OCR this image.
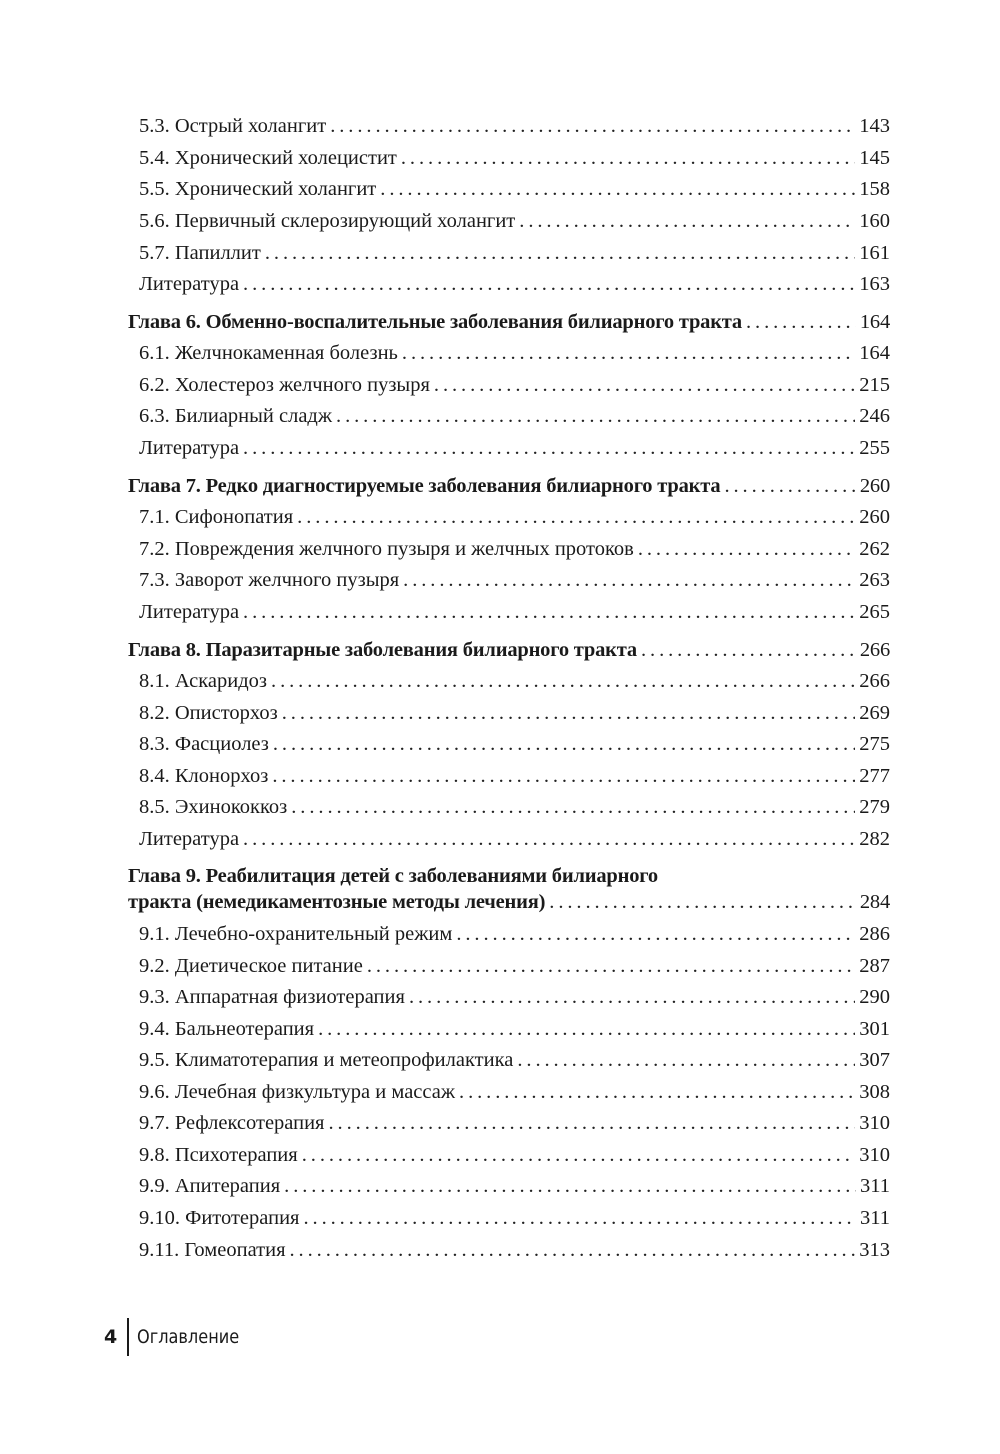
5.3. Острый холангит . . .	143
5.4. Хронический холецистит . . .	145
5.5. Хронический холангит . . .	158
5.6. Первичный склерозирующий холангит . . .	160
5.7. Папиллит . . .	161
Литература . . .	163
Глава 6. Обменно-воспалительные заболевания билиарного тракта . . .	164
6.1. Желчнокаменная болезнь . . .	164
6.2. Холестероз желчного пузыря . . .	215
6.3. Билиарный сладж . . .	246
Литература . . .	255
Глава 7. Редко диагностируемые заболевания билиарного тракта . . .	260
7.1. Сифонопатия . . .	260
7.2. Повреждения желчного пузыря и желчных протоков . . .	262
7.3. Заворот желчного пузыря . . .	263
Литература . . .	265
Глава 8. Паразитарные заболевания билиарного тракта . . .	266
8.1. Аскаридоз . . .	266
8.2. Описторхоз . . .	269
8.3. Фасциолез . . .	275
8.4. Клонорхоз . . .	277
8.5. Эхинококкоз . . .	279
Литература . . .	282
Глава 9. Реабилитация детей с заболеваниями билиарного
тракта (немедикаментозные методы лечения) . . .	284
9.1. Лечебно-охранительный режим . . .	286
9.2. Диетическое питание . . .	287
9.3. Аппаратная физиотерапия . . .	290
9.4. Бальнеотерапия . . .	301
9.5. Климатотерапия и метеопрофилактика . . .	307
9.6. Лечебная физкультура и массаж . . .	308
9.7. Рефлексотерапия . . .	310
9.8. Психотерапия . . .	310
9.9. Апитерапия . . .	311
9.10. Фитотерапия . . .	311
9.11. Гомеопатия . . .	313
4 Оглавление
